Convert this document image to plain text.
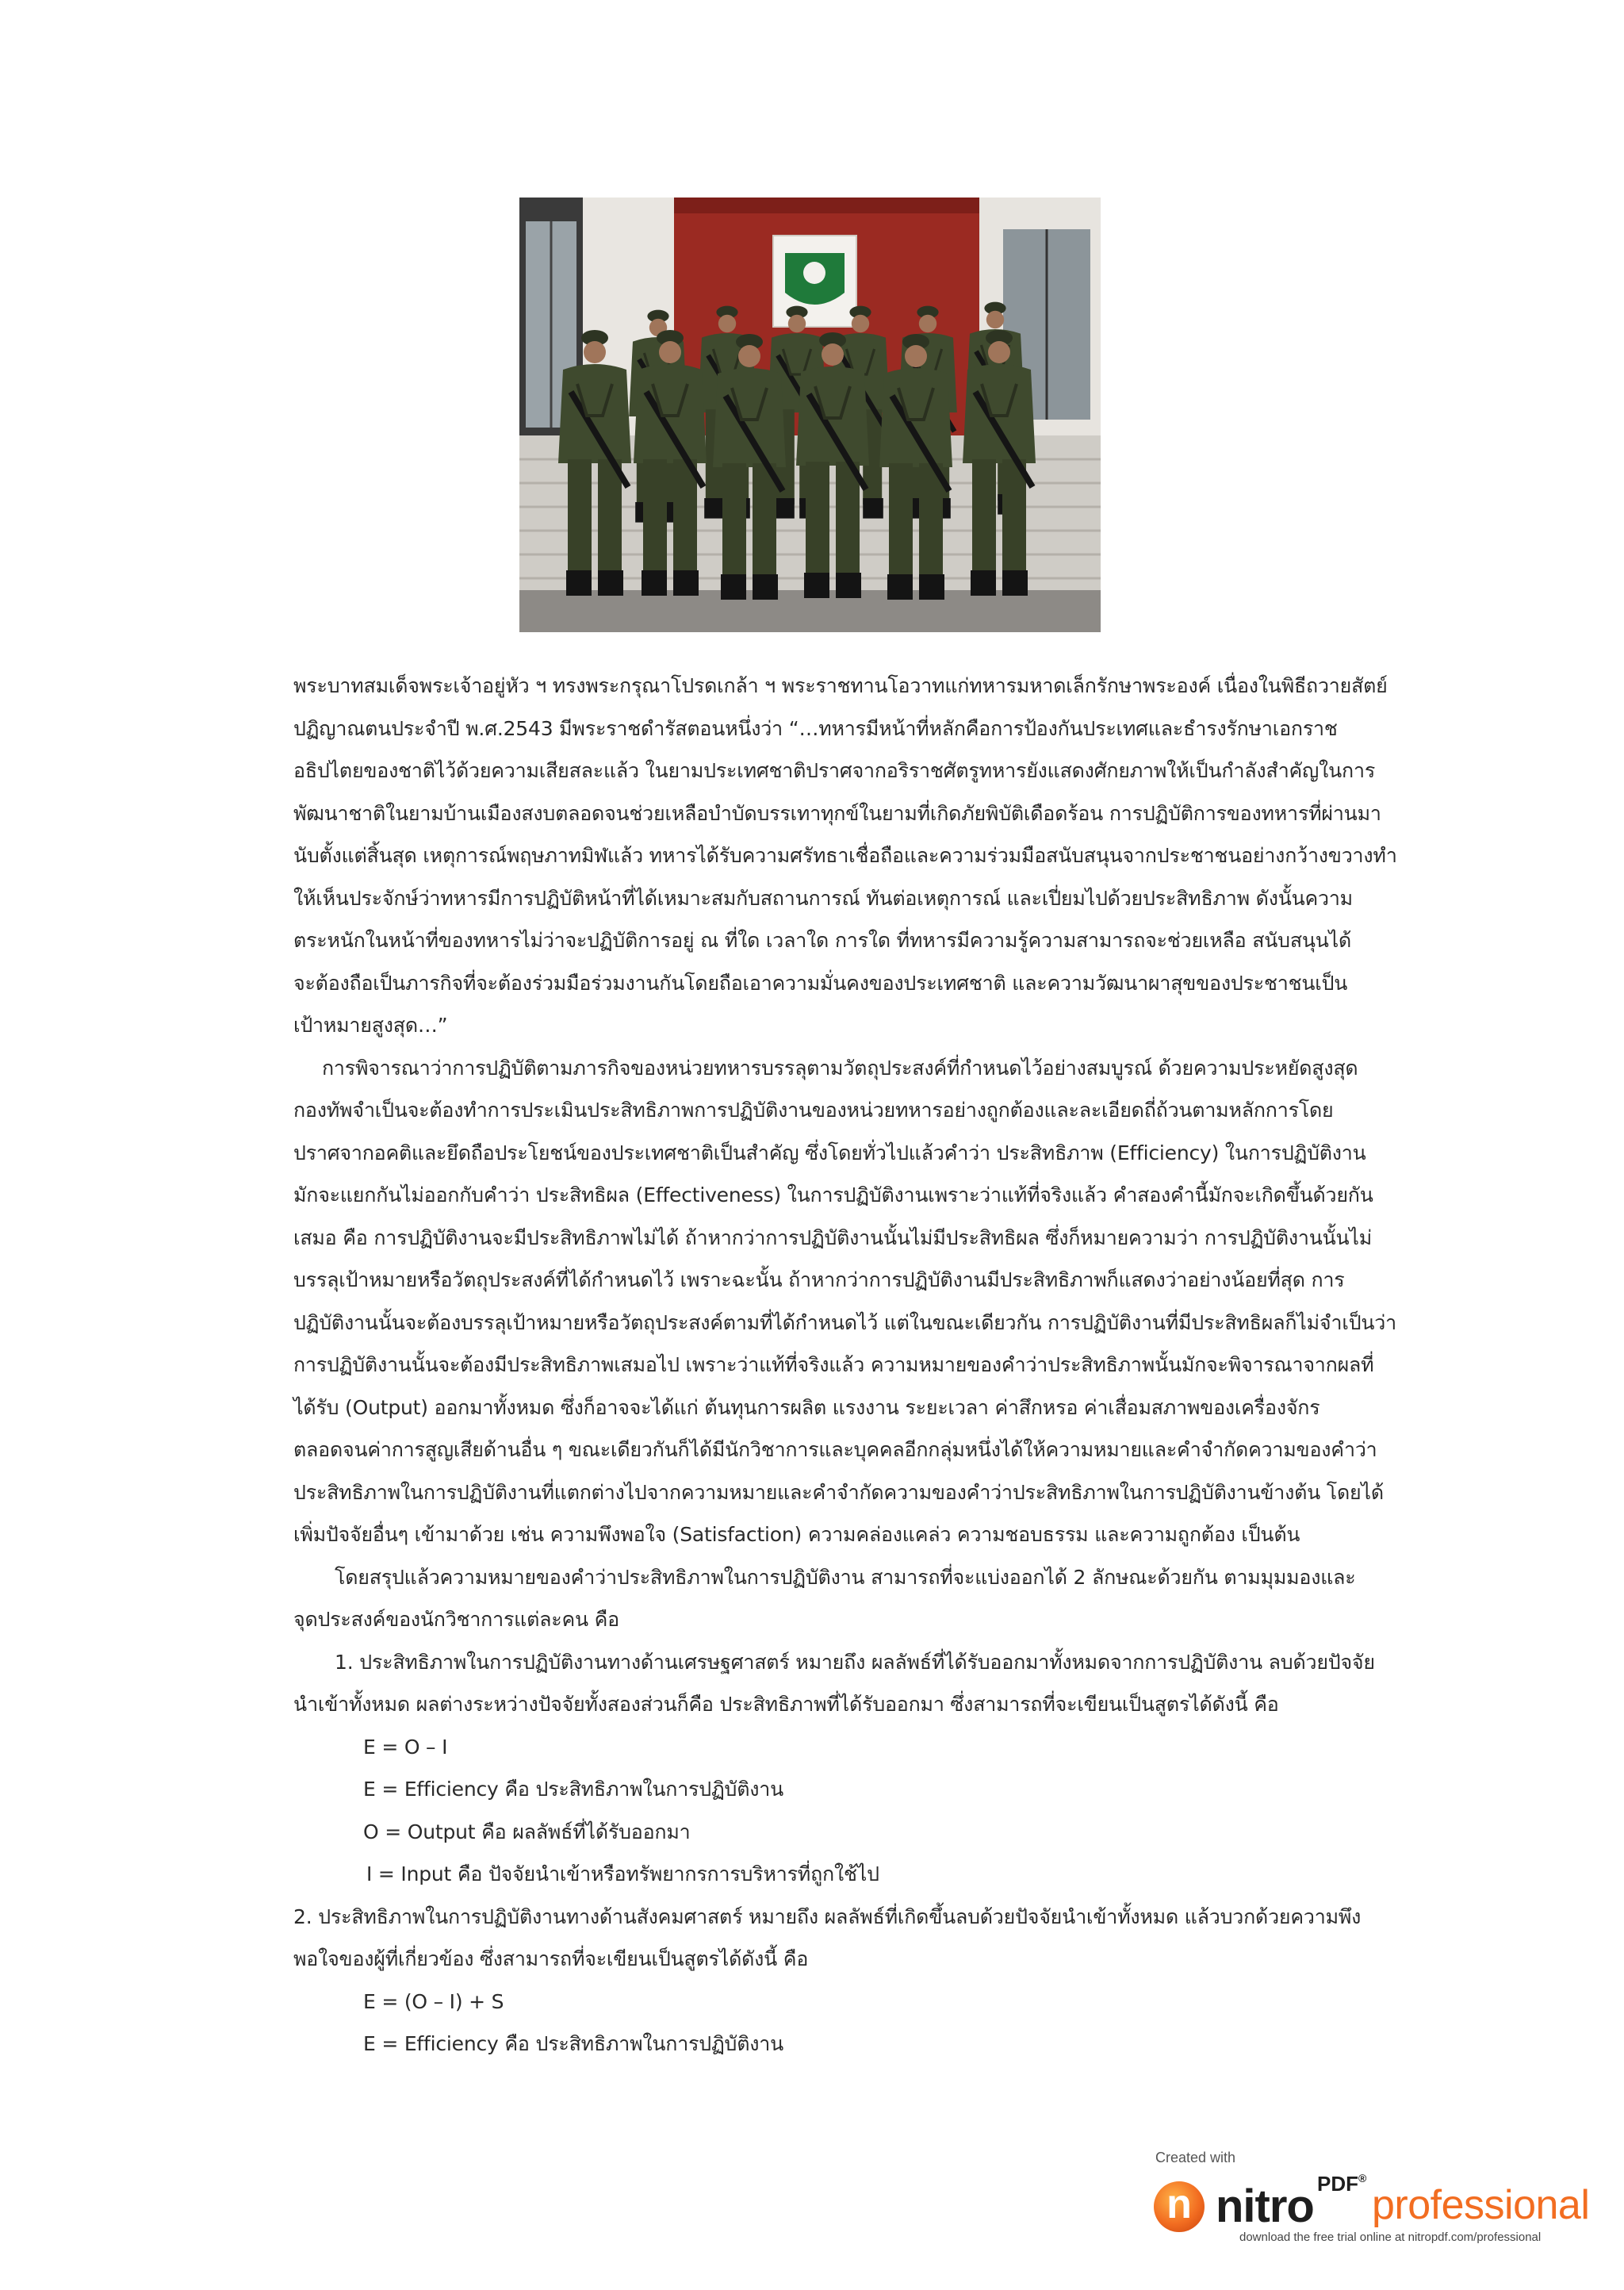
พระบาทสมเด็จพระเจ้าอยู่หัว ฯ ทรงพระกรุณาโปรดเกล้า ฯ พระราชทานโอวาทแก่ทหารมหาดเล็กรักษาพระองค์ เนื่องในพิธีถวายสัตย์

ปฏิญาณตนประจำปี พ.ศ.2543 มีพระราชดำรัสตอนหนึ่งว่า “…ทหารมีหน้าที่หลักคือการป้องกันประเทศและธำรงรักษาเอกราช

อธิปไตยของชาติไว้ด้วยความเสียสละแล้ว ในยามประเทศชาติปราศจากอริราชศัตรูทหารยังแสดงศักยภาพให้เป็นกำลังสำคัญในการ

พัฒนาชาติในยามบ้านเมืองสงบตลอดจนช่วยเหลือบำบัดบรรเทาทุกข์ในยามที่เกิดภัยพิบัติเดือดร้อน การปฏิบัติการของทหารที่ผ่านมา

นับตั้งแต่สิ้นสุด เหตุการณ์พฤษภาทมิฬแล้ว ทหารได้รับความศรัทธาเชื่อถือและความร่วมมือสนับสนุนจากประชาชนอย่างกว้างขวางทำ

ให้เห็นประจักษ์ว่าทหารมีการปฏิบัติหน้าที่ได้เหมาะสมกับสถานการณ์ ทันต่อเหตุการณ์ และเปี่ยมไปด้วยประสิทธิภาพ ดังนั้นความ

ตระหนักในหน้าที่ของทหารไม่ว่าจะปฏิบัติการอยู่ ณ ที่ใด เวลาใด การใด ที่ทหารมีความรู้ความสามารถจะช่วยเหลือ สนับสนุนได้

จะต้องถือเป็นภารกิจที่จะต้องร่วมมือร่วมงานกันโดยถือเอาความมั่นคงของประเทศชาติ และความวัฒนาผาสุขของประชาชนเป็น

เป้าหมายสูงสุด…”

การพิจารณาว่าการปฏิบัติตามภารกิจของหน่วยทหารบรรลุตามวัตถุประสงค์ที่กำหนดไว้อย่างสมบูรณ์ ด้วยความประหยัดสูงสุด

กองทัพจำเป็นจะต้องทำการประเมินประสิทธิภาพการปฏิบัติงานของหน่วยทหารอย่างถูกต้องและละเอียดถี่ถ้วนตามหลักการโดย

ปราศจากอคติและยึดถือประโยชน์ของประเทศชาติเป็นสำคัญ ซึ่งโดยทั่วไปแล้วคำว่า ประสิทธิภาพ (Efficiency) ในการปฏิบัติงาน

มักจะแยกกันไม่ออกกับคำว่า ประสิทธิผล (Effectiveness) ในการปฏิบัติงานเพราะว่าแท้ที่จริงแล้ว คำสองคำนี้มักจะเกิดขึ้นด้วยกัน

เสมอ คือ การปฏิบัติงานจะมีประสิทธิภาพไม่ได้ ถ้าหากว่าการปฏิบัติงานนั้นไม่มีประสิทธิผล ซึ่งก็หมายความว่า การปฏิบัติงานนั้นไม่

บรรลุเป้าหมายหรือวัตถุประสงค์ที่ได้กำหนดไว้ เพราะฉะนั้น ถ้าหากว่าการปฏิบัติงานมีประสิทธิภาพก็แสดงว่าอย่างน้อยที่สุด การ

ปฏิบัติงานนั้นจะต้องบรรลุเป้าหมายหรือวัตถุประสงค์ตามที่ได้กำหนดไว้ แต่ในขณะเดียวกัน การปฏิบัติงานที่มีประสิทธิผลก็ไม่จำเป็นว่า

การปฏิบัติงานนั้นจะต้องมีประสิทธิภาพเสมอไป เพราะว่าแท้ที่จริงแล้ว ความหมายของคำว่าประสิทธิภาพนั้นมักจะพิจารณาจากผลที่

ได้รับ (Output) ออกมาทั้งหมด ซึ่งก็อาจจะได้แก่ ต้นทุนการผลิต แรงงาน ระยะเวลา ค่าสึกหรอ ค่าเสื่อมสภาพของเครื่องจักร

ตลอดจนค่าการสูญเสียด้านอื่น ๆ ขณะเดียวกันก็ได้มีนักวิชาการและบุคคลอีกกลุ่มหนึ่งได้ให้ความหมายและคำจำกัดความของคำว่า

ประสิทธิภาพในการปฏิบัติงานที่แตกต่างไปจากความหมายและคำจำกัดความของคำว่าประสิทธิภาพในการปฏิบัติงานข้างต้น โดยได้

เพิ่มปัจจัยอื่นๆ เข้ามาด้วย เช่น ความพึงพอใจ (Satisfaction) ความคล่องแคล่ว ความชอบธรรม และความถูกต้อง เป็นต้น

โดยสรุปแล้วความหมายของคำว่าประสิทธิภาพในการปฏิบัติงาน สามารถที่จะแบ่งออกได้ 2 ลักษณะด้วยกัน ตามมุมมองและ

จุดประสงค์ของนักวิชาการแต่ละคน คือ

1. ประสิทธิภาพในการปฏิบัติงานทางด้านเศรษฐศาสตร์ หมายถึง ผลลัพธ์ที่ได้รับออกมาทั้งหมดจากการปฏิบัติงาน ลบด้วยปัจจัย

นำเข้าทั้งหมด ผลต่างระหว่างปัจจัยทั้งสองส่วนก็คือ ประสิทธิภาพที่ได้รับออกมา ซึ่งสามารถที่จะเขียนเป็นสูตรได้ดังนี้ คือ

E = O – I

E = Efficiency คือ ประสิทธิภาพในการปฏิบัติงาน

O = Output คือ ผลลัพธ์ที่ได้รับออกมา

I = Input คือ ปัจจัยนำเข้าหรือทรัพยากรการบริหารที่ถูกใช้ไป

2. ประสิทธิภาพในการปฏิบัติงานทางด้านสังคมศาสตร์ หมายถึง ผลลัพธ์ที่เกิดขึ้นลบด้วยปัจจัยนำเข้าทั้งหมด แล้วบวกด้วยความพึง

พอใจของผู้ที่เกี่ยวข้อง ซึ่งสามารถที่จะเขียนเป็นสูตรได้ดังนี้ คือ

E = (O – I) + S

E = Efficiency คือ ประสิทธิภาพในการปฏิบัติงาน

Created with
n
nitro PDF®
professional
download the free trial online at nitropdf.com/professional
